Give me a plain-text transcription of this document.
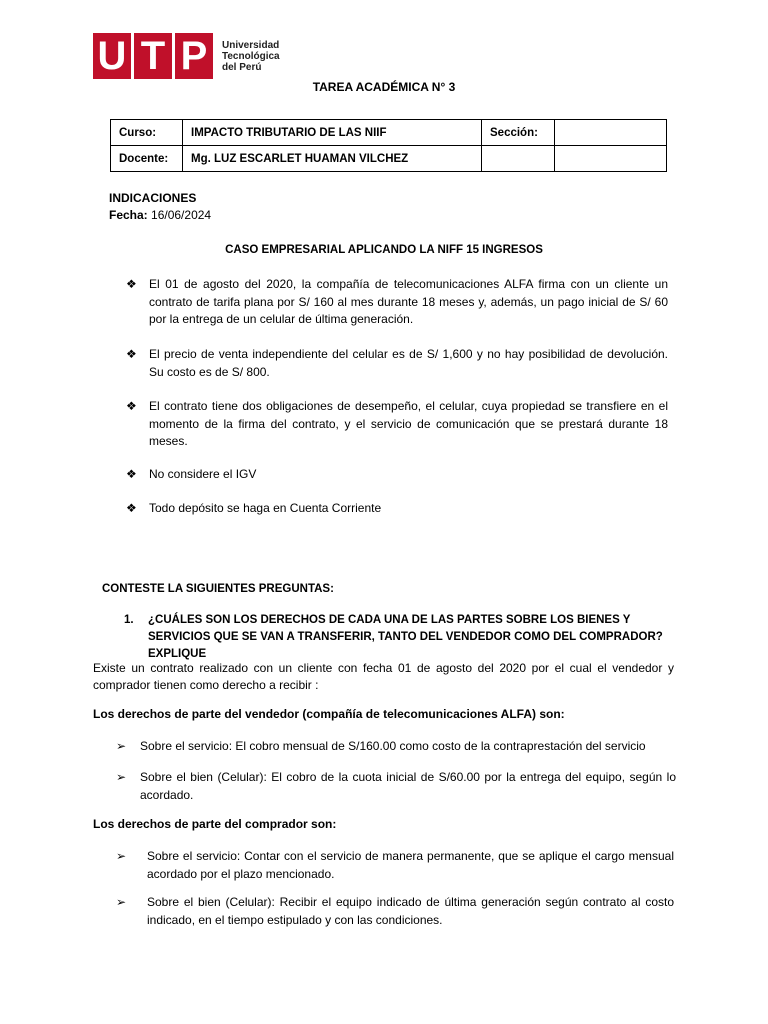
U T P	Universidad
Tecnológica
del Perú
TAREA ACADÉMICA N° 3
Curso:	IMPACTO TRIBUTARIO DE LAS NIIF	Sección:	
Docente:	Mg. LUZ ESCARLET HUAMAN VILCHEZ		
INDICACIONES
Fecha: 16/06/2024
CASO EMPRESARIAL APLICANDO LA NIFF 15 INGRESOS
❖ El 01 de agosto del 2020, la compañía de telecomunicaciones ALFA firma con un cliente un contrato de tarifa plana por S/ 160 al mes durante 18 meses y, además, un pago inicial de S/ 60 por la entrega de un celular de última generación.
❖ El precio de venta independiente del celular es de S/ 1,600 y no hay posibilidad de devolución. Su costo es de S/ 800.
❖ El contrato tiene dos obligaciones de desempeño, el celular, cuya propiedad se transfiere en el momento de la firma del contrato, y el servicio de comunicación que se prestará durante 18 meses.
❖ No considere el IGV
❖ Todo depósito se haga en Cuenta Corriente
CONTESTE LA SIGUIENTES PREGUNTAS:
1. ¿CUÁLES SON LOS DERECHOS DE CADA UNA DE LAS PARTES SOBRE LOS BIENES Y SERVICIOS QUE SE VAN A TRANSFERIR, TANTO DEL VENDEDOR COMO DEL COMPRADOR? EXPLIQUE
Existe un contrato realizado con un cliente con fecha 01 de agosto del 2020 por el cual el vendedor y comprador tienen como derecho a recibir :
Los derechos de parte del vendedor (compañía de telecomunicaciones ALFA) son:
➢ Sobre el servicio: El cobro mensual de S/160.00 como costo de la contraprestación del servicio
➢ Sobre el bien (Celular): El cobro de la cuota inicial de S/60.00 por la entrega del equipo, según lo acordado.
Los derechos de parte del comprador son:
➢ Sobre el servicio: Contar con el servicio de manera permanente, que se aplique el cargo mensual acordado por el plazo mencionado.
➢ Sobre el bien (Celular): Recibir el equipo indicado de última generación según contrato al costo indicado, en el tiempo estipulado y con las condiciones.
